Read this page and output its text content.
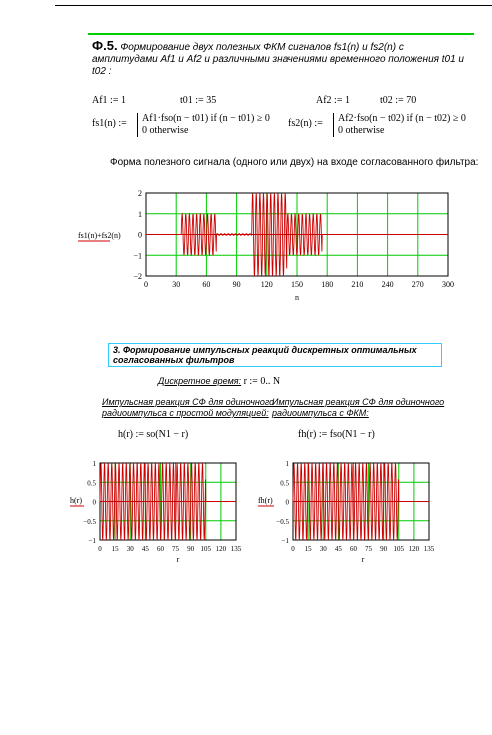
Ф.5. Формирование двух полезных ФКМ сигналов fs1(n) и fs2(n) с амплитудами Af1 и Af2 и различными значениями временного положения t01 и t02 :
Af1 := 1	t01 := 35	Af2 := 1	t02 := 70
fs1(n) := Af1·fso(n − t01) if (n − t01) ≥ 0
0 otherwise
fs2(n) := Af2·fso(n − t02) if (n − t02) ≥ 0
0 otherwise
Форма полезного сигнала (одного или двух) на входе согласованного фильтра:
0	30	60	90	120 150 180 210 240 270 300
−2
−1
0
1
2
fs1(n)+fs2(n)
n
0 15 30 45 60 75 90 105 120 135
−1
−0.5
0
0.5
1
h(r)
r
0 15 30 45 60 75 90 105 120 135
−1
−0.5
0
0.5
1
fh(r)
r
3. Формирование импульсных реакций дискретных оптимальных
согласованных фильтров
Дискретное время: r := 0.. N
Импульсная реакция СФ для одиночного
радиоимпульса с простой модуляцией:
Импульсная реакция СФ для одиночного
радиоимпульса с ФКМ:
h(r) := so(N1 − r)	fh(r) := fso(N1 − r)
